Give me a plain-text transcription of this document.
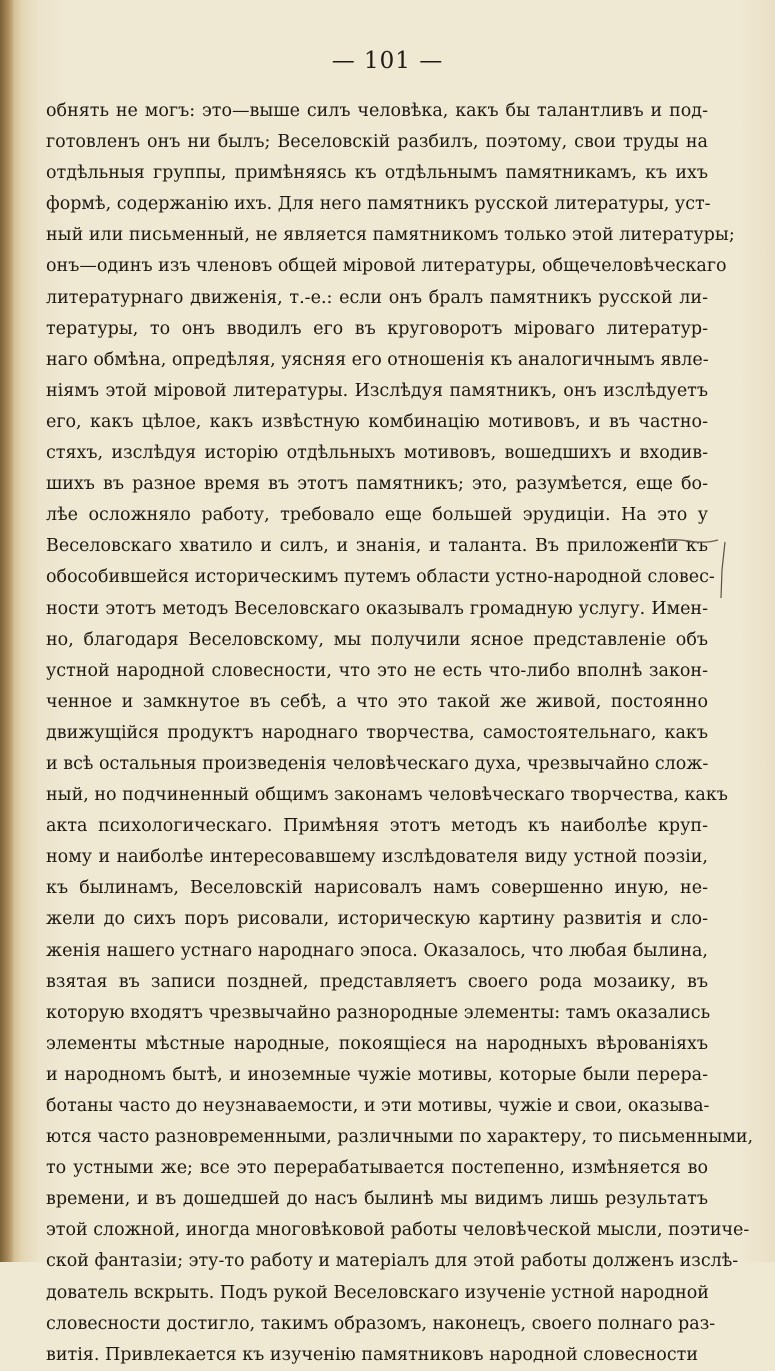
— 101 —
обнять не могъ: это—выше силъ человѣка, какъ бы талантливъ и под-
готовленъ онъ ни былъ; Веселовскій разбилъ, поэтому, свои труды на
отдѣльныя группы, примѣняясь къ отдѣльнымъ памятникамъ, къ ихъ
формѣ, содержанію ихъ. Для него памятникъ русской литературы, уст-
ный или письменный, не является памятникомъ только этой литературы;
онъ—одинъ изъ членовъ общей міровой литературы, общечеловѣческаго
литературнаго движенія, т.-е.: если онъ бралъ памятникъ русской ли-
тературы, то онъ вводилъ его въ круговоротъ міроваго литератур-
наго обмѣна, опредѣляя, уясняя его отношенія къ аналогичнымъ явле-
ніямъ этой міровой литературы. Изслѣдуя памятникъ, онъ изслѣдуетъ
его, какъ цѣлое, какъ извѣстную комбинацію мотивовъ, и въ частно-
стяхъ, изслѣдуя исторію отдѣльныхъ мотивовъ, вошедшихъ и входив-
шихъ въ разное время въ этотъ памятникъ; это, разумѣется, еще бо-
лѣе осложняло работу, требовало еще большей эрудиціи. На это у
Веселовскаго хватило и силъ, и знанія, и таланта. Въ приложеніи къ
обособившейся историческимъ путемъ области устно-народной словес-
ности этотъ методъ Веселовскаго оказывалъ громадную услугу. Имен-
но, благодаря Веселовскому, мы получили ясное представленіе объ
устной народной словесности, что это не есть что-либо вполнѣ закон-
ченное и замкнутое въ себѣ, а что это такой же живой, постоянно
движущійся продуктъ народнаго творчества, самостоятельнаго, какъ
и всѣ остальныя произведенія человѣческаго духа, чрезвычайно слож-
ный, но подчиненный общимъ законамъ человѣческаго творчества, какъ
акта психологическаго. Примѣняя этотъ методъ къ наиболѣе круп-
ному и наиболѣе интересовавшему изслѣдователя виду устной поэзіи,
къ былинамъ, Веселовскій нарисовалъ намъ совершенно иную, не-
жели до сихъ поръ рисовали, историческую картину развитія и сло-
женія нашего устнаго народнаго эпоса. Оказалось, что любая былина,
взятая въ записи поздней, представляетъ своего рода мозаику, въ
которую входятъ чрезвычайно разнородные элементы: тамъ оказались
элементы мѣстные народные, покоящіеся на народныхъ вѣрованіяхъ
и народномъ бытѣ, и иноземные чужіе мотивы, которые были перера-
ботаны часто до неузнаваемости, и эти мотивы, чужіе и свои, оказыва-
ются часто разновременными, различными по характеру, то письменными,
то устными же; все это перерабатывается постепенно, измѣняется во
времени, и въ дошедшей до насъ былинѣ мы видимъ лишь результатъ
этой сложной, иногда многовѣковой работы человѣческой мысли, поэтиче-
ской фантазіи; эту-то работу и матеріалъ для этой работы долженъ изслѣ-
дователь вскрыть. Подъ рукой Веселовскаго изученіе устной народной
словесности достигло, такимъ образомъ, наконецъ, своего полнаго раз-
витія. Привлекается къ изученію памятниковъ народной словесности
